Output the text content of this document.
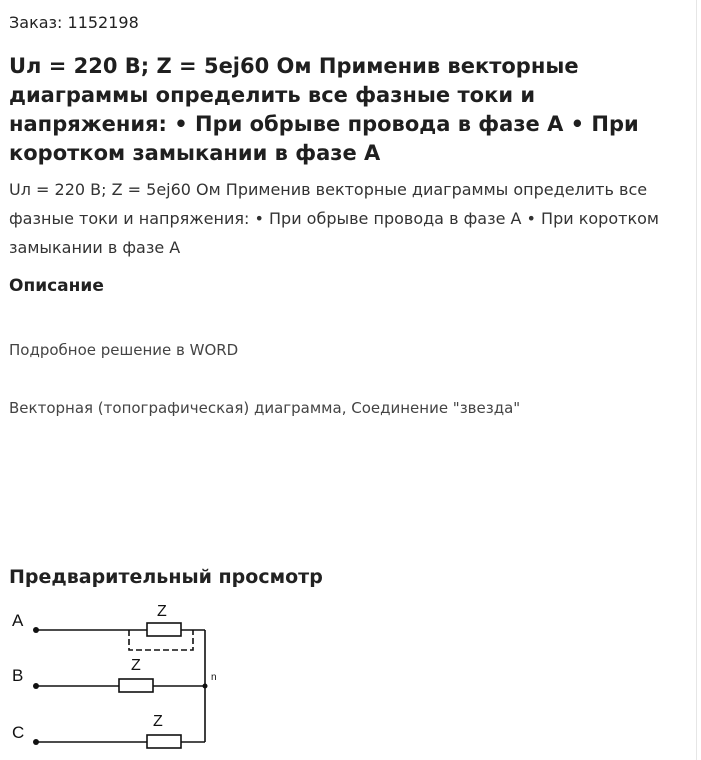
Заказ: 1152198
Uл = 220 В; Z = 5ej60 Ом Применив векторные диаграммы определить все фазные токи и напряжения: • При обрыве провода в фазе А • При коротком замыкании в фазе А

Uл = 220 В; Z = 5ej60 Ом Применив векторные диаграммы определить все фазные токи и напряжения: • При обрыве провода в фазе А • При коротком замыкании в фазе А

Описание

Подробное решение в WORD

Векторная (топографическая) диаграмма, Соединение "звезда"

Предварительный просмотр
A
B
C
Z
Z
Z
n
